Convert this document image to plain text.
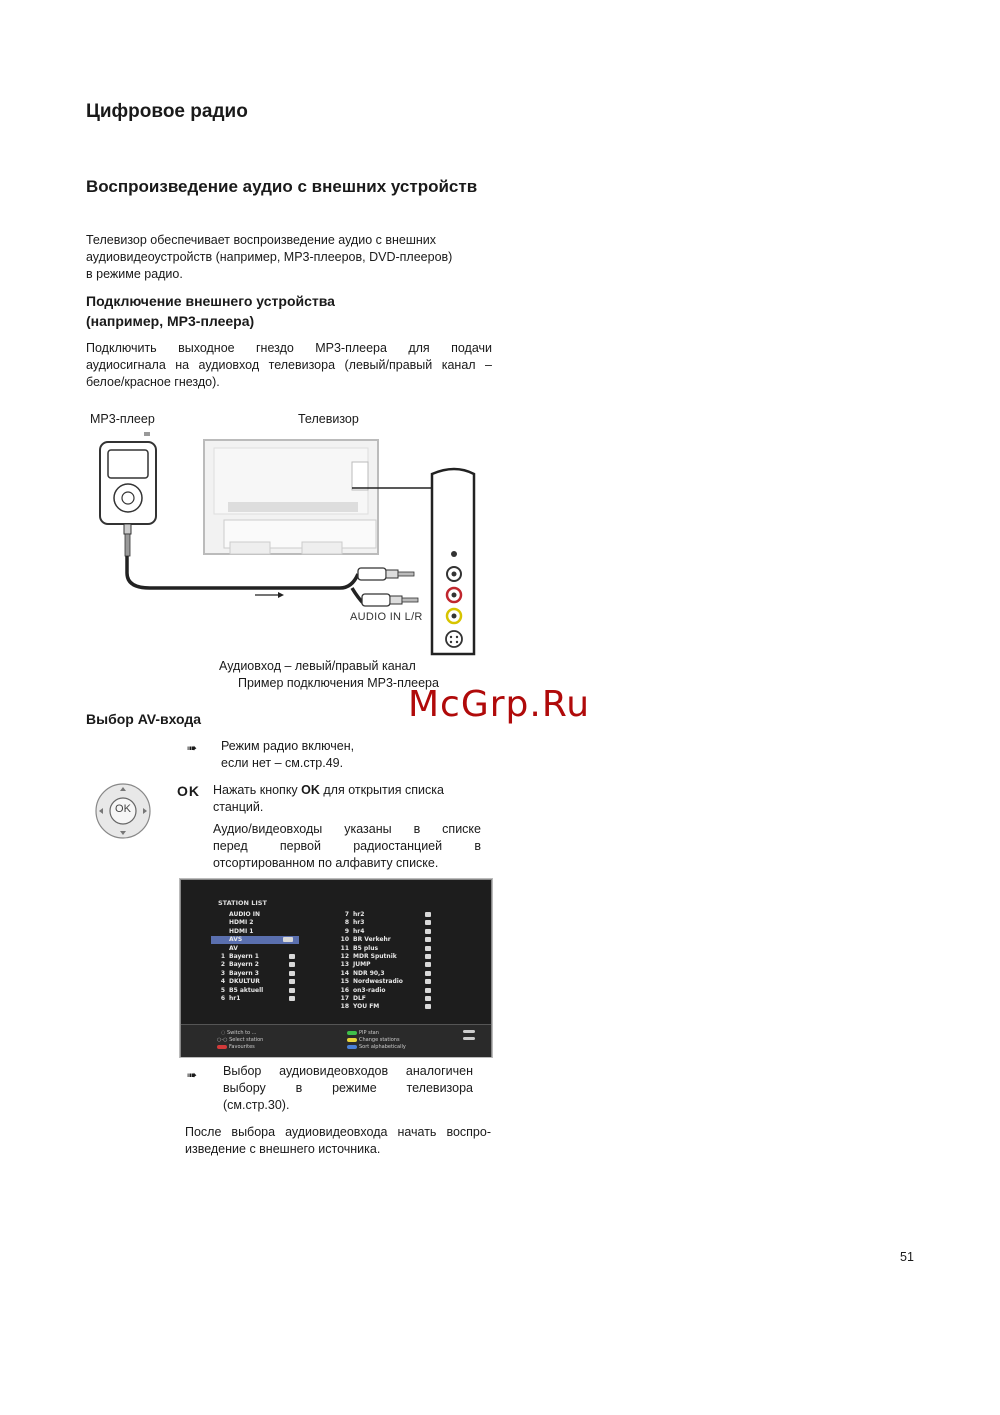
Цифровое радио
Воспроизведение аудио с внешних устройств
Телевизор обеспечивает воспроизведение аудио с внешних
аудиовидеоустройств (например, MP3-плееров, DVD-плееров)
в режиме радио.
Подключение внешнего устройства
(например, MP3-плеера)
Подключить выходное гнездо MP3-плеера для подачи
аудиосигнала на аудиовход телевизора (левый/правый канал –
белое/красное гнездо).
MP3-плеер	Телевизор
AUDIO IN L/R
Аудиовход – левый/правый канал
Пример подключения MP3-плеера
McGrp.Ru
Выбор AV-входа
➠ Режим радио включен,
если нет – см.стр.49.
OK
OK Нажать кнопку OK для открытия списка
станций.
Аудио/видеовходы указаны в списке
перед первой радиостанцией в
отсортированном по алфавиту списке.
STATION LIST
AUDIO IN
HDMI 2
HDMI 1
AVS
AV
1 Bayern 1
2 Bayern 2
3 Bayern 3
4 DKULTUR
5 B5 aktuell
6 hr1
7 hr2
8 hr3
9 hr4
10 BR Verkehr
11 B5 plus
12 MDR Sputnik
13 JUMP
14 NDR 90,3
15 Nordwestradio
16 on3-radio
17 DLF
18 YOU FM
◌ Switch to ...
○-○ Select station
Favourites
PIP stan
Change stations
Sort alphabetically
➠ Выбор аудиовидеовходов аналогичен
выбору в режиме телевизора
(см.стр.30).
После выбора аудиовидеовхода начать воспро-
изведение с внешнего источника.
51
